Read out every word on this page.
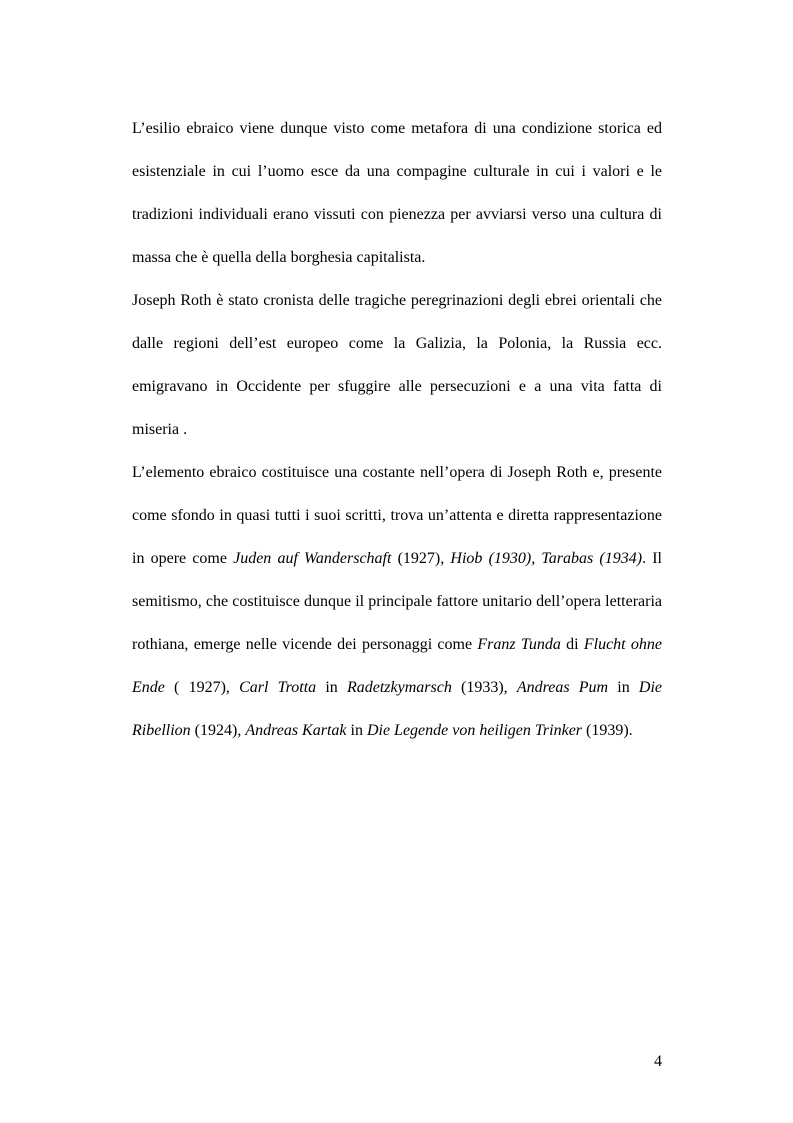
L’esilio ebraico viene dunque visto come metafora di una condizione storica ed esistenziale in cui l’uomo esce da una compagine culturale in cui i valori e le tradizioni individuali erano vissuti con pienezza per avviarsi verso una cultura di massa che è quella della borghesia capitalista.

Joseph Roth è stato cronista delle tragiche peregrinazioni degli ebrei orientali che dalle regioni dell’est europeo come la Galizia, la Polonia, la Russia ecc. emigravano in Occidente per sfuggire alle persecuzioni e a una vita fatta di miseria .

L’elemento ebraico costituisce una costante nell’opera di Joseph Roth e, presente come sfondo in quasi tutti i suoi scritti, trova un’attenta e diretta rappresentazione in opere come Juden auf Wanderschaft (1927), Hiob (1930), Tarabas (1934). Il semitismo, che costituisce dunque il principale fattore unitario dell’opera letteraria rothiana, emerge nelle vicende dei personaggi come Franz Tunda di Flucht ohne Ende ( 1927), Carl Trotta in Radetzkymarsch (1933), Andreas Pum in Die Ribellion (1924), Andreas Kartak in Die Legende von heiligen Trinker (1939).

4
